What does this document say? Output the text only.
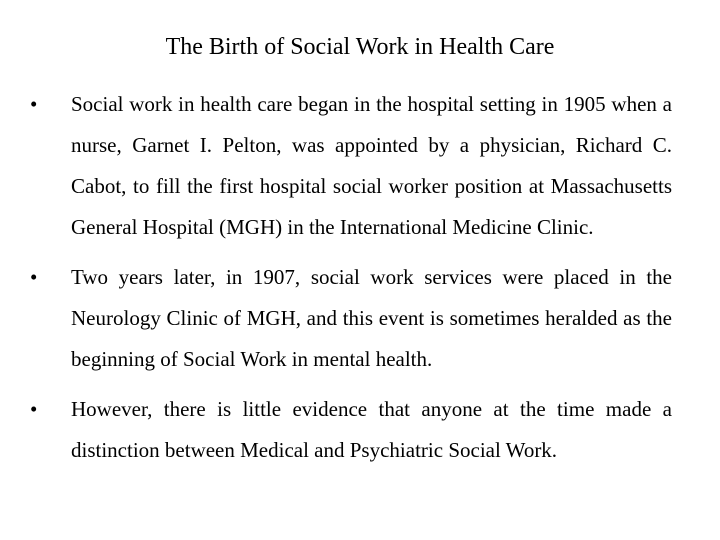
The Birth of Social Work in Health Care
•	Social work in health care began in the hospital setting in 1905 when a nurse, Garnet I. Pelton, was appointed by a physician, Richard C. Cabot, to fill the first hospital social worker position at Massachusetts General Hospital (MGH) in the International Medicine Clinic.
•	Two years later, in 1907, social work services were placed in the Neurology Clinic of MGH, and this event is sometimes heralded as the beginning of Social Work in mental health.
•	However, there is little evidence that anyone at the time made a distinction between Medical and Psychiatric Social Work.
